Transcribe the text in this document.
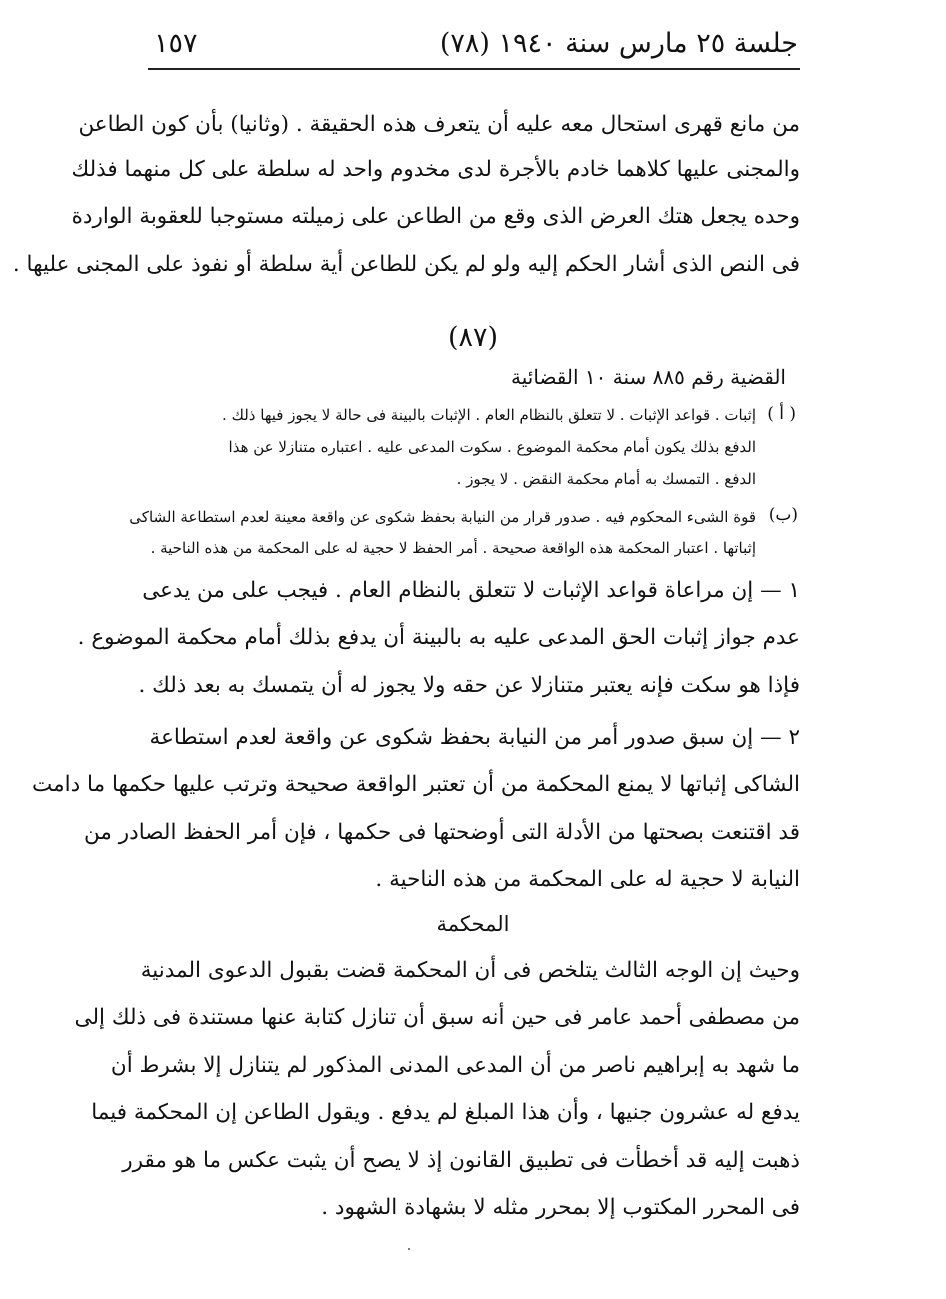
جلسة ٢٥ مارس سنة ١٩٤٠ (٧٨)
١٥٧
من مانع قهرى استحال معه عليه أن يتعرف هذه الحقيقة . (وثانيا) بأن كون الطاعن
والمجنى عليها كلاهما خادم بالأجرة لدى مخدوم واحد له سلطة على كل منهما فذلك
وحده يجعل هتك العرض الذى وقع من الطاعن على زميلته مستوجبا للعقوبة الواردة
فى النص الذى أشار الحكم إليه ولو لم يكن للطاعن أية سلطة أو نفوذ على المجنى عليها .
(٨٧)
القضية رقم ٨٨٥ سنة ١٠ القضائية
( أ )
إثبات . قواعد الإثبات . لا تتعلق بالنظام العام . الإثبات بالبينة فى حالة لا يجوز فيها ذلك .
الدفع بذلك يكون أمام محكمة الموضوع . سكوت المدعى عليه . اعتباره متنازلا عن هذا
الدفع . التمسك به أمام محكمة النقض . لا يجوز .
(ب)
قوة الشىء المحكوم فيه . صدور قرار من النيابة بحفظ شكوى عن واقعة معينة لعدم استطاعة الشاكى
إثباتها . اعتبار المحكمة هذه الواقعة صحيحة . أمر الحفظ لا حجية له على المحكمة من هذه الناحية .
١ — إن مراعاة قواعد الإثبات لا تتعلق بالنظام العام . فيجب على من يدعى
عدم جواز إثبات الحق المدعى عليه به بالبينة أن يدفع بذلك أمام محكمة الموضوع .
فإذا هو سكت فإنه يعتبر متنازلا عن حقه ولا يجوز له أن يتمسك به بعد ذلك .
٢ — إن سبق صدور أمر من النيابة بحفظ شكوى عن واقعة لعدم استطاعة
الشاكى إثباتها لا يمنع المحكمة من أن تعتبر الواقعة صحيحة وترتب عليها حكمها ما دامت
قد اقتنعت بصحتها من الأدلة التى أوضحتها فى حكمها ، فإن أمر الحفظ الصادر من
النيابة لا حجية له على المحكمة من هذه الناحية .
المحكمة
وحيث إن الوجه الثالث يتلخص فى أن المحكمة قضت بقبول الدعوى المدنية
من مصطفى أحمد عامر فى حين أنه سبق أن تنازل كتابة عنها مستندة فى ذلك إلى
ما شهد به إبراهيم ناصر من أن المدعى المدنى المذكور لم يتنازل إلا بشرط أن
يدفع له عشرون جنيها ، وأن هذا المبلغ لم يدفع . ويقول الطاعن إن المحكمة فيما
ذهبت إليه قد أخطأت فى تطبيق القانون إذ لا يصح أن يثبت عكس ما هو مقرر
فى المحرر المكتوب إلا بمحرر مثله لا بشهادة الشهود .
